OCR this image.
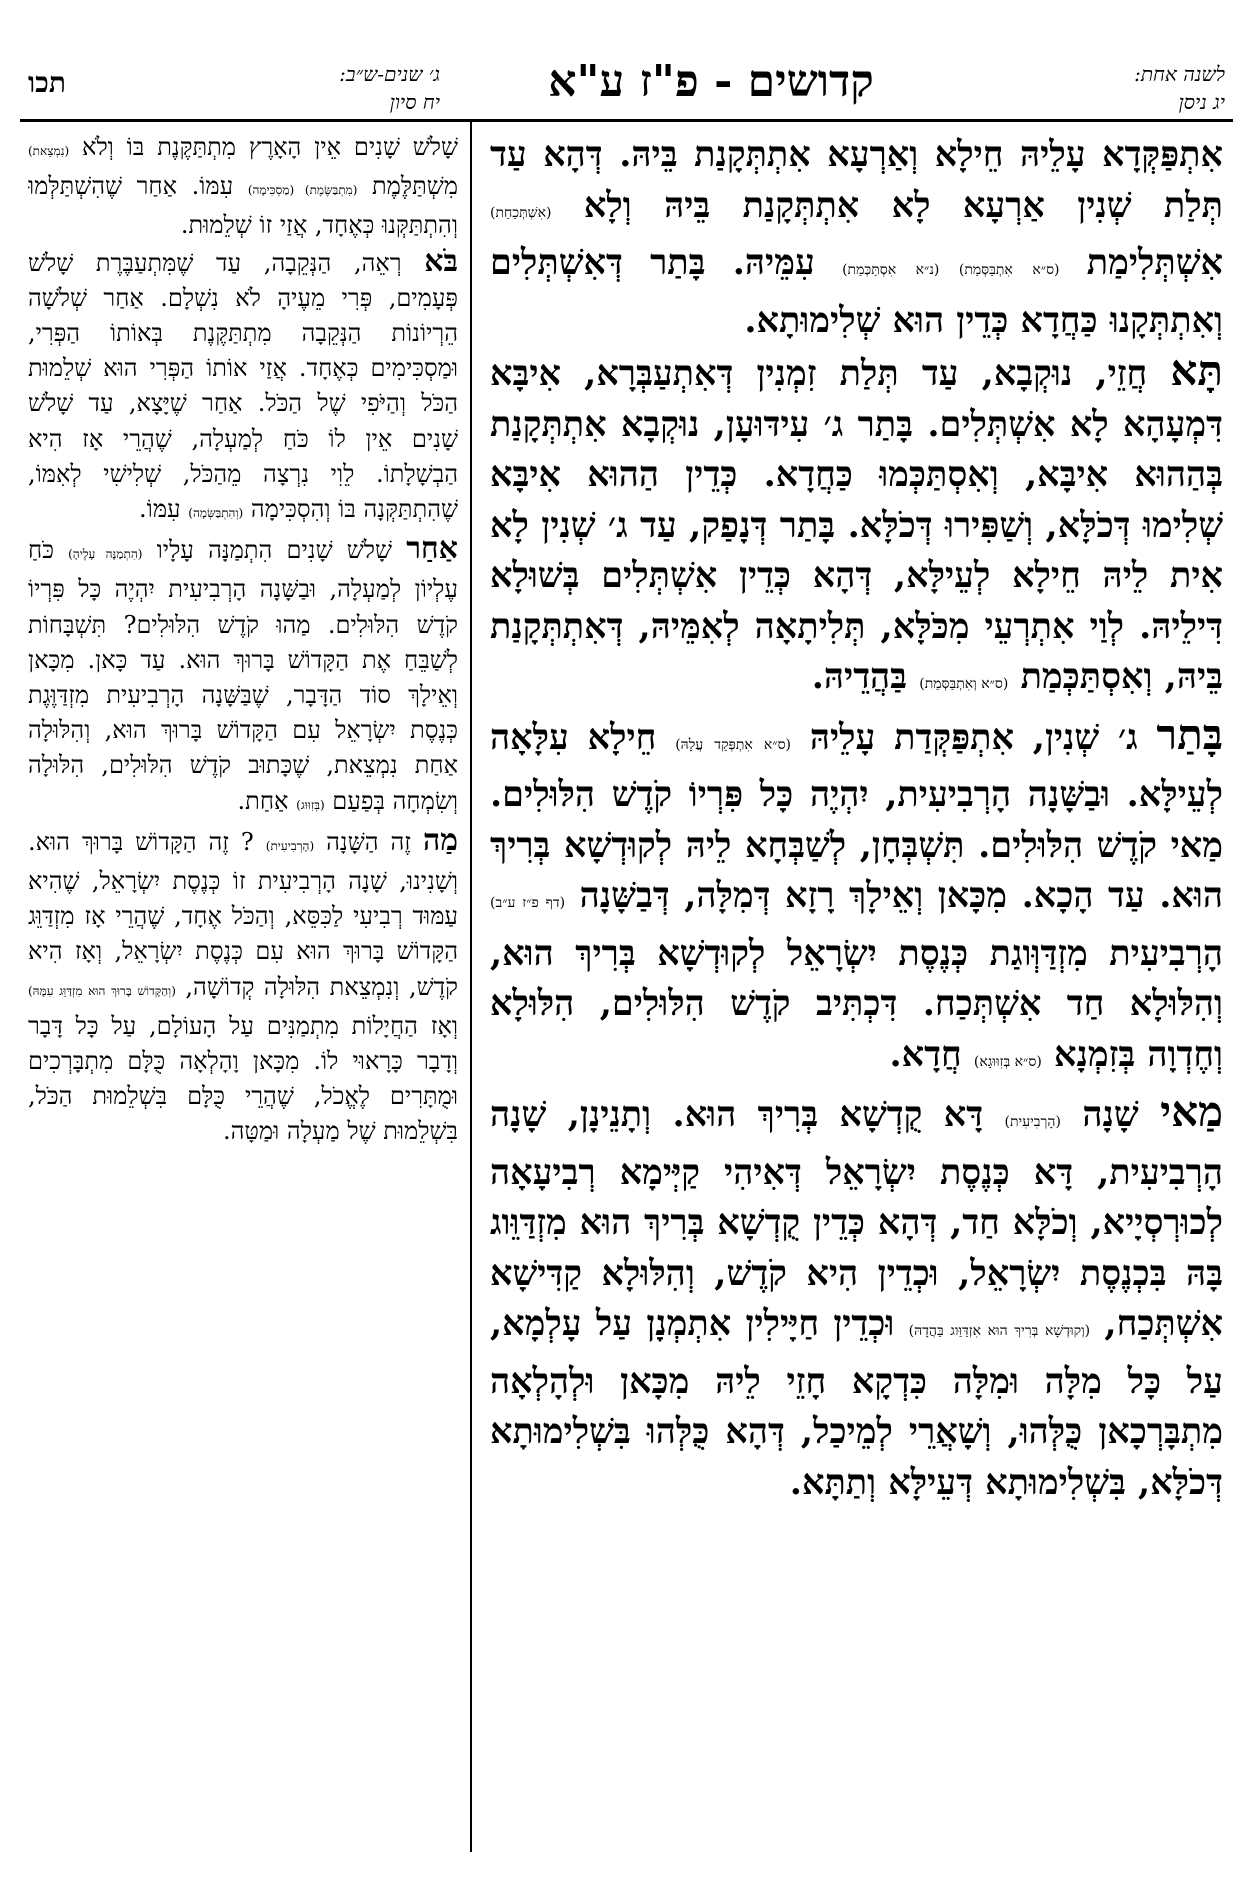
תכו	ג׳ שנים-ש״ב:
יח סיון	קדושים - פ"ז ע"א	לשנה אחת:
יג ניסן

אִתְפַּקְּדָא עָלֵיהּ חֵילָא וְאַרְעָא אִתְתְּקָנַת בֵּיהּ. דְּהָא עַד תְּלַת שְׁנִין אַרְעָא לָא אִתְתְּקָנַת בֵּיהּ וְלָא (אִשְׁתְּכַחַת) אִשְׁתְּלִימַת (ס״א אִתְבַּסְּמַת) (נ״א אִסְתַּכְּמַת) עִמֵּיהּ. בָּתַר דְּאִשְׁתְּלִים וְאִתְתְּקָנוּ כַּחֲדָא כְּדֵין הוּא שְׁלִימוּתָא.

תָּא חֲזֵי, נוּקְבָא, עַד תְּלַת זִמְנִין דְּאִתְעַבְּרָא, אִיבָּא דִּמְעָהָא לָא אִשְׁתְּלִים. בָּתַר ג׳ עִידּוּעָן, נוּקְבָא אִתְתְּקָנַת בְּהַהוּא אִיבָּא, וְאִסְתַּכְּמוּ כַּחֲדָא. כְּדֵין הַהוּא אִיבָּא שְׁלִימוּ דְּכֹלָּא, וְשַׁפִּירוּ דְּכֹלָּא. בָּתַר דְּנָפַק, עַד ג׳ שְׁנִין לָא אִית לֵיהּ חֵילָא לְעֵילָּא, דְּהָא כְּדֵין אִשְׁתְּלִים בְּשׁוּלָא דִּילֵיהּ. לְוַי אִתְרְעֵי מִכֹּלָּא, תְּלִיתָאָה לְאִמֵּיהּ, דְּאִתְתְּקָנַת בֵּיהּ, וְאִסְתַּכְּמַת (ס״א וְאִתְבַּסְּמַת) בַּהֲדֵיהּ.

בָּתַר ג׳ שְׁנִין, אִתְפַּקְּדַת עָלֵיהּ (ס״א אִתְפְּקַד עֲלָהּ) חֵילָא עִלָּאָה לְעֵילָּא. וּבַשָּׁנָה הָרְבִיעִית, יִהְיֶה כָּל פִּרְיוֹ קֹדֶשׁ הִלּוּלִים. מַאי קֹדֶשׁ הִלּוּלִים. תִּשְׁבְּחָן, לְשַׁבְּחָא לֵיהּ לְקוּדְשָׁא בְּרִיךְ הוּא. עַד הָכָא. מִכָּאן וְאֵילָךְ רָזָא דְּמִלָּה, דְּבַשָּׁנָה (דף פ״ז ע״ב) הָרְבִיעִית מִזְדַּוְּוגַת כְּנֶסֶת יִשְׂרָאֵל לְקוּדְשָׁא בְּרִיךְ הוּא, וְהִלּוּלָא חַד אִשְׁתְּכַח. דִּכְתִּיב קֹדֶשׁ הִלּוּלִים, הִלּוּלָא וְחֶדְוָה בְּזִמְנָא (ס״א בְּזִוּוּגָא) חֲדָא.

מַאי שָׁנָה (הָרְבִיעִית) דָּא קֻדְשָׁא בְּרִיךְ הוּא. וְתָנֵינָן, שָׁנָה הָרְבִיעִית, דָּא כְּנֶסֶת יִשְׂרָאֵל דְּאִיהִי קַיְּימָא רְבִיעָאָה לְכוּרְסְיָיא, וְכֹלָּא חַד, דְּהָא כְּדֵין קֻדְשָׁא בְּרִיךְ הוּא מִזְדַּוֵּוג בָּהּ בִּכְנֶסֶת יִשְׂרָאֵל, וּכְדֵין הִיא קֹדֶשׁ, וְהִלּוּלָא קַדִּישָׁא אִשְׁתְּכַח, (וְקוּדְשָׁא בְּרִיךְ הוּא אִזְדַּוַּוג בַּהֲדָהּ) וּכְדֵין חַיָּילִין אִתְמְנָן עַל עָלְמָא, עַל כָּל מִלָּה וּמִלָּה כִּדְקָא חָזֵי לֵיהּ מִכָּאן וּלְהָלְאָה מִתְבָּרְכָאן כֻּלְּהוּ, וְשָׁאֲרֵי לְמֵיכַל, דְּהָא כֻּלְּהוּ בִּשְׁלִימוּתָא דְּכֹלָּא, בִּשְׁלִימוּתָא דְּעֵילָּא וְתַתָּא.

שָׁלֹשׁ שָׁנִים אֵין הָאָרֶץ מִתְתַּקֶּנֶת בּוֹ וְלֹא (נִמְצֵאת) מִשְׁתַּלֶּמֶת (מִתְבַּשֶּׂמֶת) (מַסְכִּימָה) עִמּוֹ. אַחַר שֶׁהִשְׁתַּלְּמוּ וְהִתְתַּקְּנוּ כְּאֶחָד, אֲזַי זוֹ שְׁלֵמוּת.

בֹּא רְאֵה, הַנְּקֵבָה, עַד שֶׁמִּתְעַבֶּרֶת שָׁלֹשׁ פְּעָמִים, פְּרִי מֵעֶיהָ לֹא נִשְׁלָם. אַחַר שְׁלֹשָׁה הֵרְיוֹנוֹת הַנְּקֵבָה מִתְתַּקֶּנֶת בְּאוֹתוֹ הַפְּרִי, וּמַסְכִּימִים כְּאֶחָד. אֲזַי אוֹתוֹ הַפְּרִי הוּא שְׁלֵמוּת הַכֹּל וְהַיֹּפִי שֶׁל הַכֹּל. אַחַר שֶׁיָּצָא, עַד שָׁלֹשׁ שָׁנִים אֵין לוֹ כֹּחַ לְמַעְלָה, שֶׁהֲרֵי אָז הִיא הַבְשָׁלָתוֹ. לֵוִי נִרְצָה מֵהַכֹּל, שְׁלִישִׁי לְאִמּוֹ, שֶׁהִתְתַּקְּנָה בּוֹ וְהִסְכִּימָה (וְהִתְבַּשְּׂמָה) עִמּוֹ.

אַחַר שָׁלֹשׁ שָׁנִים הִתְמַנָּה עָלָיו (הִתְמַנָּה עָלֶיהָ) כֹּחַ עֶלְיוֹן לְמַעְלָה, וּבַשָּׁנָה הָרְבִיעִית יִהְיֶה כָּל פִּרְיוֹ קֹדֶשׁ הִלּוּלִים. מַהוּ קֹדֶשׁ הִלּוּלִים? תִּשְׁבָּחוֹת לְשַׁבֵּחַ אֶת הַקָּדוֹשׁ בָּרוּךְ הוּא. עַד כָּאן. מִכָּאן וְאֵילָךְ סוֹד הַדָּבָר, שֶׁבַּשָּׁנָה הָרְבִיעִית מִזְדַּוֶּגֶת כְּנֶסֶת יִשְׂרָאֵל עִם הַקָּדוֹשׁ בָּרוּךְ הוּא, וְהִלּוּלָה אַחַת נִמְצֵאת, שֶׁכָּתוּב קֹדֶשׁ הִלּוּלִים, הִלּוּלָה וְשִׂמְחָה בְּפַעַם (בְּזִוּוּג) אַחַת.

מַה זֶה הַשָּׁנָה (הָרְבִיעִית) ? זֶה הַקָּדוֹשׁ בָּרוּךְ הוּא. וְשָׁנִינוּ, שָׁנָה הָרְבִיעִית זוֹ כְּנֶסֶת יִשְׂרָאֵל, שֶׁהִיא עַמּוּד רְבִיעִי לַכִּסֵּא, וְהַכֹּל אֶחָד, שֶׁהֲרֵי אָז מִזְדַּוֵּג הַקָּדוֹשׁ בָּרוּךְ הוּא עִם כְּנֶסֶת יִשְׂרָאֵל, וְאָז הִיא קֹדֶשׁ, וְנִמְצֵאת הִלּוּלָה קְדוֹשָׁה, (וְהַקָּדוֹשׁ בָּרוּךְ הוּא מִזְדַּוֵּג עִמָּהּ) וְאָז הַחֲיָלוֹת מִתְמַנִּים עַל הָעוֹלָם, עַל כָּל דָּבָר וְדָבָר כָּרָאוּי לוֹ. מִכָּאן וָהָלְאָה כֻּלָּם מִתְבָּרְכִים וּמֻתָּרִים לֶאֱכֹל, שֶׁהֲרֵי כֻּלָּם בִּשְׁלֵמוּת הַכֹּל, בִּשְׁלֵמוּת שֶׁל מַעְלָה וּמַטָּה.
